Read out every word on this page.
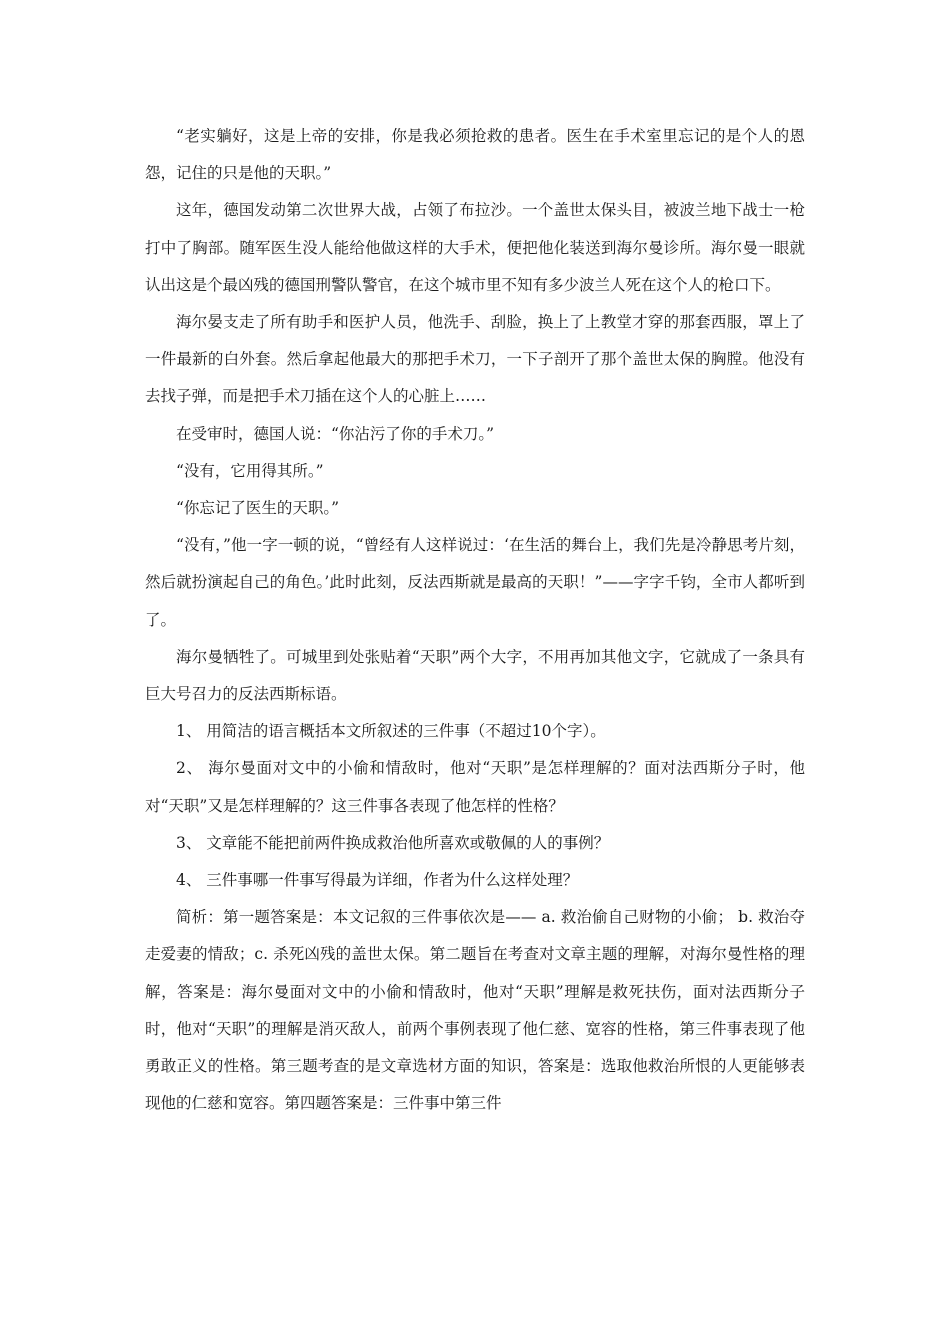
“老实躺好，这是上帝的安排，你是我必须抢救的患者。医生在手术室里忘记的是个人的恩怨，记住的只是他的天职。”

这年，德国发动第二次世界大战，占领了布拉沙。一个盖世太保头目，被波兰地下战士一枪打中了胸部。随军医生没人能给他做这样的大手术，便把他化装送到海尔曼诊所。海尔曼一眼就认出这是个最凶残的德国刑警队警官，在这个城市里不知有多少波兰人死在这个人的枪口下。

海尔晏支走了所有助手和医护人员，他洗手、刮脸，换上了上教堂才穿的那套西服，罩上了一件最新的白外套。然后拿起他最大的那把手术刀，一下子剖开了那个盖世太保的胸膛。他没有去找子弹，而是把手术刀插在这个人的心脏上……

在受审时，德国人说：“你沾污了你的手术刀。”

“没有，它用得其所。”

“你忘记了医生的天职。”

“没有，”他一字一顿的说，“曾经有人这样说过：‘在生活的舞台上，我们先是冷静思考片刻，然后就扮演起自己的角色。’此时此刻，反法西斯就是最高的天职！”——字字千钧，全市人都听到了。

海尔曼牺牲了。可城里到处张贴着“天职”两个大字，不用再加其他文字，它就成了一条具有巨大号召力的反法西斯标语。

1、 用简洁的语言概括本文所叙述的三件事（不超过10个字）。

2、 海尔曼面对文中的小偷和情敌时，他对“天职”是怎样理解的？面对法西斯分子时，他对“天职”又是怎样理解的？这三件事各表现了他怎样的性格？

3、 文章能不能把前两件换成救治他所喜欢或敬佩的人的事例？

4、 三件事哪一件事写得最为详细，作者为什么这样处理？

简析：第一题答案是：本文记叙的三件事依次是—— a. 救治偷自己财物的小偷； b. 救治夺走爱妻的情敌；c. 杀死凶残的盖世太保。第二题旨在考查对文章主题的理解，对海尔曼性格的理解，答案是：海尔曼面对文中的小偷和情敌时，他对“天职”理解是救死扶伤，面对法西斯分子时，他对“天职”的理解是消灭敌人，前两个事例表现了他仁慈、宽容的性格，第三件事表现了他勇敢正义的性格。第三题考查的是文章选材方面的知识，答案是：选取他救治所恨的人更能够表现他的仁慈和宽容。第四题答案是：三件事中第三件
